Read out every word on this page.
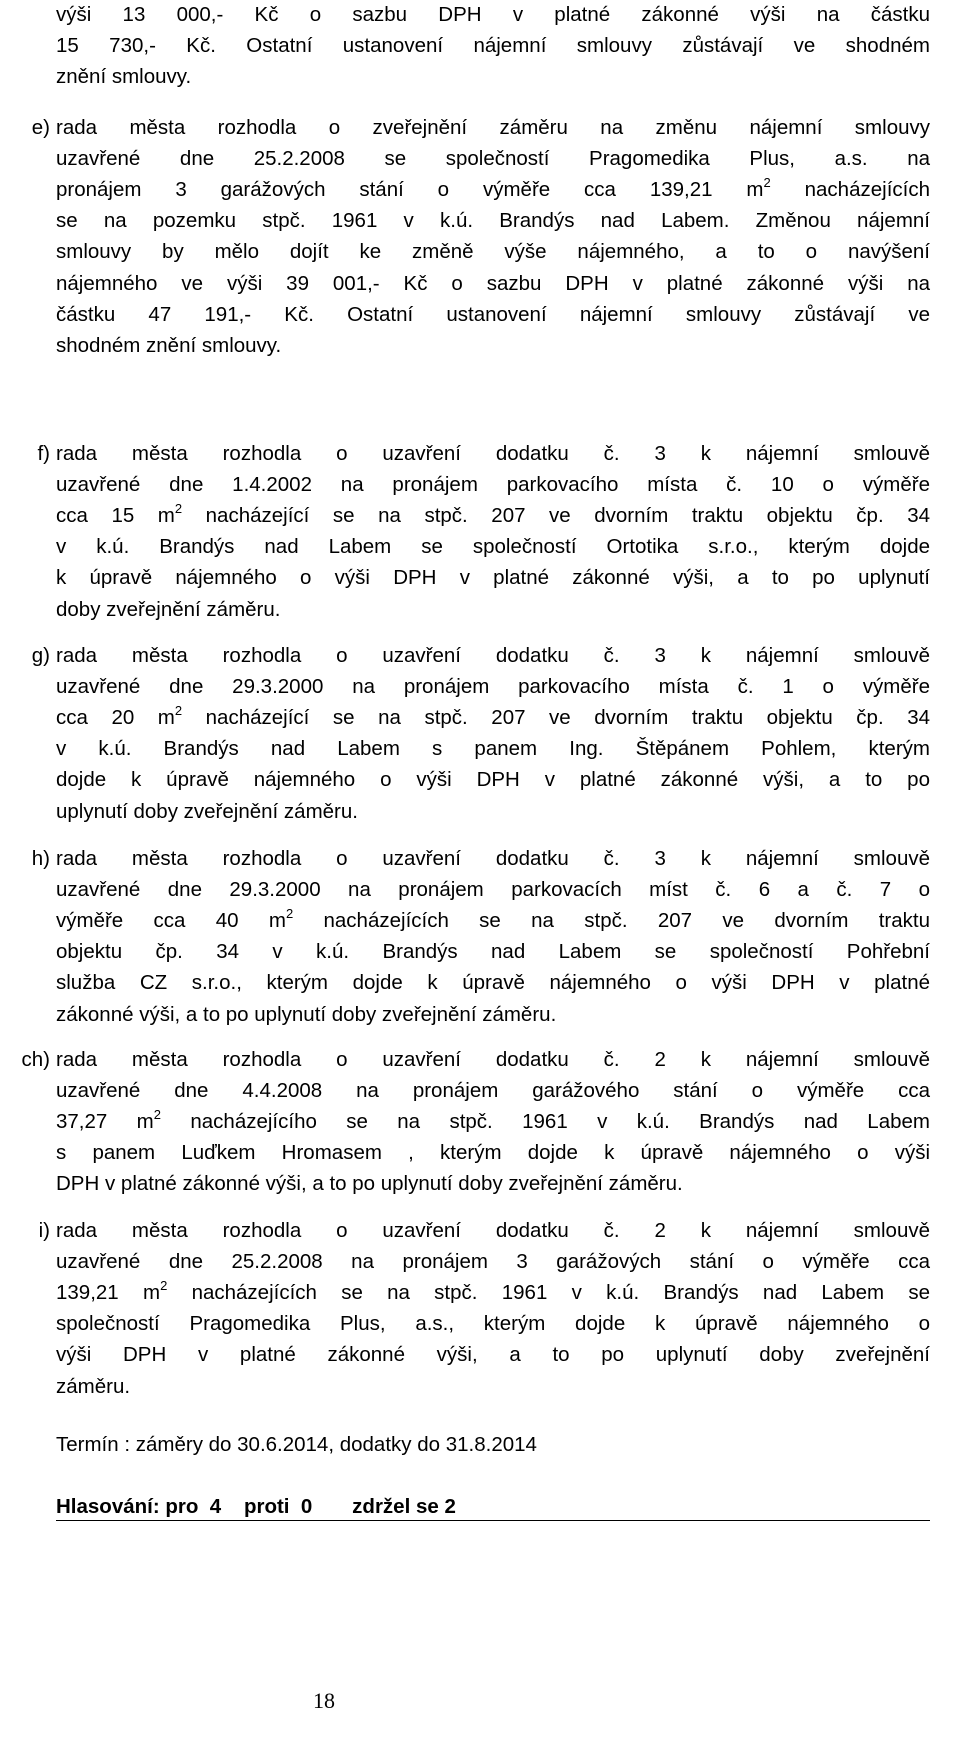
výši 13 000,- Kč o sazbu DPH v platné zákonné výši na částku
15 730,- Kč. Ostatní ustanovení nájemní smlouvy zůstávají ve shodném
znění smlouvy.
e) rada města rozhodla o zveřejnění záměru na změnu nájemní smlouvy
uzavřené dne 25.2.2008 se společností Pragomedika Plus, a.s. na
pronájem 3 garážových stání o výměře cca 139,21 $m^2$ nacházejících
se na pozemku stpč. 1961 v k.ú. Brandýs nad Labem. Změnou nájemní
smlouvy by mělo dojít ke změně výše nájemného, a to o navýšení
nájemného ve výši 39 001,- Kč o sazbu DPH v platné zákonné výši na
částku 47 191,- Kč. Ostatní ustanovení nájemní smlouvy zůstávají ve
shodném znění smlouvy.
f) rada města rozhodla o uzavření dodatku č. 3 k nájemní smlouvě
uzavřené dne 1.4.2002 na pronájem parkovacího místa č. 10 o výměře
cca 15 $m^2$ nacházející se na stpč. 207 ve dvorním traktu objektu čp. 34
v k.ú. Brandýs nad Labem se společností Ortotika s.r.o., kterým dojde
k úpravě nájemného o výši DPH v platné zákonné výši, a to po uplynutí
doby zveřejnění záměru.
g) rada města rozhodla o uzavření dodatku č. 3 k nájemní smlouvě
uzavřené dne 29.3.2000 na pronájem parkovacího místa č. 1 o výměře
cca 20 $m^2$ nacházející se na stpč. 207 ve dvorním traktu objektu čp. 34
v k.ú. Brandýs nad Labem s panem Ing. Štěpánem Pohlem, kterým
dojde k úpravě nájemného o výši DPH v platné zákonné výši, a to po
uplynutí doby zveřejnění záměru.
h) rada města rozhodla o uzavření dodatku č. 3 k nájemní smlouvě
uzavřené dne 29.3.2000 na pronájem parkovacích míst č. 6 a č. 7 o
výměře cca 40 $m^2$ nacházejících se na stpč. 207 ve dvorním traktu
objektu čp. 34 v k.ú. Brandýs nad Labem se společností Pohřební
služba CZ s.r.o., kterým dojde k úpravě nájemného o výši DPH v platné
zákonné výši, a to po uplynutí doby zveřejnění záměru.
ch) rada města rozhodla o uzavření dodatku č. 2 k nájemní smlouvě
uzavřené dne 4.4.2008 na pronájem garážového stání o výměře cca
37,27 $m^2$ nacházejícího se na stpč. 1961 v k.ú. Brandýs nad Labem
s panem Luďkem Hromasem , kterým dojde k úpravě nájemného o výši
DPH v platné zákonné výši, a to po uplynutí doby zveřejnění záměru.
i) rada města rozhodla o uzavření dodatku č. 2 k nájemní smlouvě
uzavřené dne 25.2.2008 na pronájem 3 garážových stání o výměře cca
139,21 $m^2$ nacházejících se na stpč. 1961 v k.ú. Brandýs nad Labem se
společností Pragomedika Plus, a.s., kterým dojde k úpravě nájemného o
výši DPH v platné zákonné výši, a to po uplynutí doby zveřejnění
záměru.
Termín : záměry do 30.6.2014, dodatky do 31.8.2014
Hlasování: pro  4    proti  0       zdržel se 2
18
